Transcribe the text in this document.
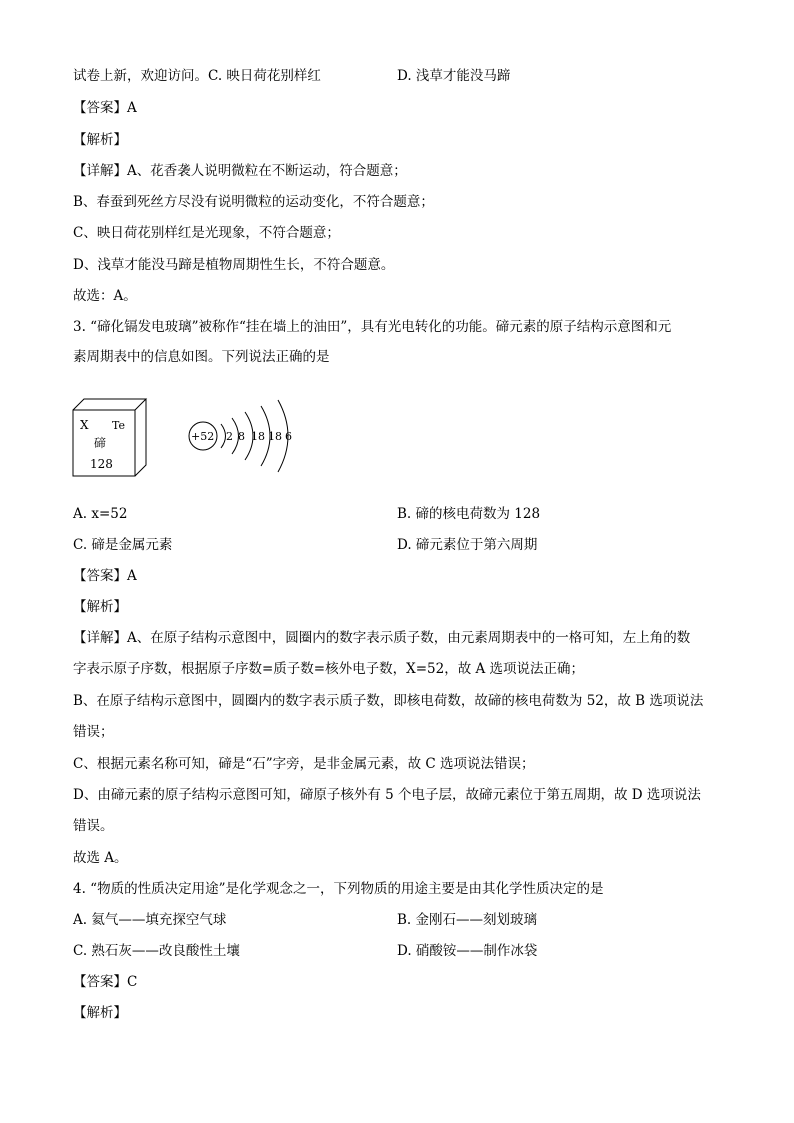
试卷上新，欢迎访问。C. 映日荷花别样红	D. 浅草才能没马蹄
【答案】A
【解析】
【详解】A、花香袭人说明微粒在不断运动，符合题意；
B、春蚕到死丝方尽没有说明微粒的运动变化，不符合题意；
C、映日荷花别样红是光现象，不符合题意；
D、浅草才能没马蹄是植物周期性生长，不符合题意。
故选：A。
3. “碲化镉发电玻璃”被称作“挂在墙上的油田”，具有光电转化的功能。碲元素的原子结构示意图和元
素周期表中的信息如图。下列说法正确的是
X Te
碲
128
+52 2 8 18 18 6
A. x=52	B. 碲的核电荷数为 128
C. 碲是金属元素	D. 碲元素位于第六周期
【答案】A
【解析】
【详解】A、在原子结构示意图中，圆圈内的数字表示质子数，由元素周期表中的一格可知，左上角的数
字表示原子序数，根据原子序数=质子数=核外电子数，X=52，故 A 选项说法正确；
B、在原子结构示意图中，圆圈内的数字表示质子数，即核电荷数，故碲的核电荷数为 52，故 B 选项说法
错误；
C、根据元素名称可知，碲是“石”字旁，是非金属元素，故 C 选项说法错误；
D、由碲元素的原子结构示意图可知，碲原子核外有 5 个电子层，故碲元素位于第五周期，故 D 选项说法
错误。
故选 A。
4. “物质的性质决定用途”是化学观念之一，下列物质的用途主要是由其化学性质决定的是
A. 氦气——填充探空气球	B. 金刚石——刻划玻璃
C. 熟石灰——改良酸性土壤	D. 硝酸铵——制作冰袋
【答案】C
【解析】
